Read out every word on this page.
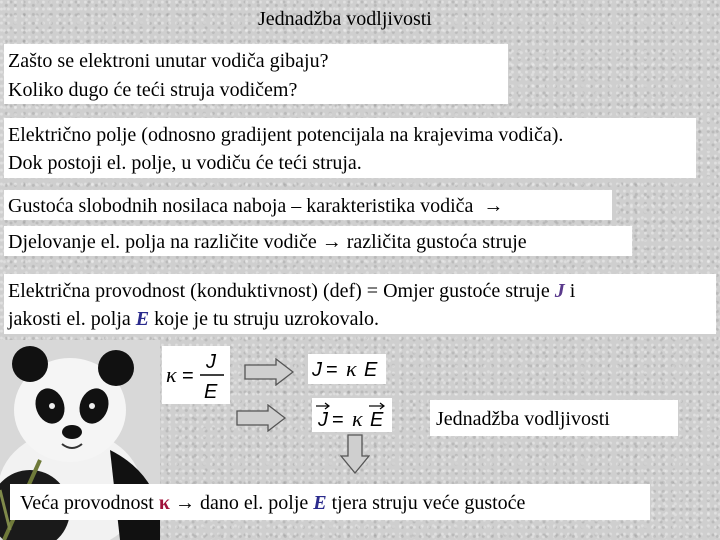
Jednadžba vodljivosti
Zašto se elektroni unutar vodiča gibaju?
Koliko dugo će teći struja vodičem?
Električno polje (odnosno gradijent potencijala na krajevima vodiča).
Dok postoji el. polje, u vodiču će teći struja.
Gustoća slobodnih nosilaca naboja – karakteristika vodiča  →
Djelovanje el. polja na različite vodiče → različita gustoća struje
Električna provodnost (konduktivnost) (def) = Omjer gustoće struje J i
jakosti el. polja E koje je tu struju uzrokovalo.
κ =
J
E
J = κ E
J = κ E	Jednadžba vodljivosti
Veća provodnost κ → dano el. polje E tjera struju veće gustoće
